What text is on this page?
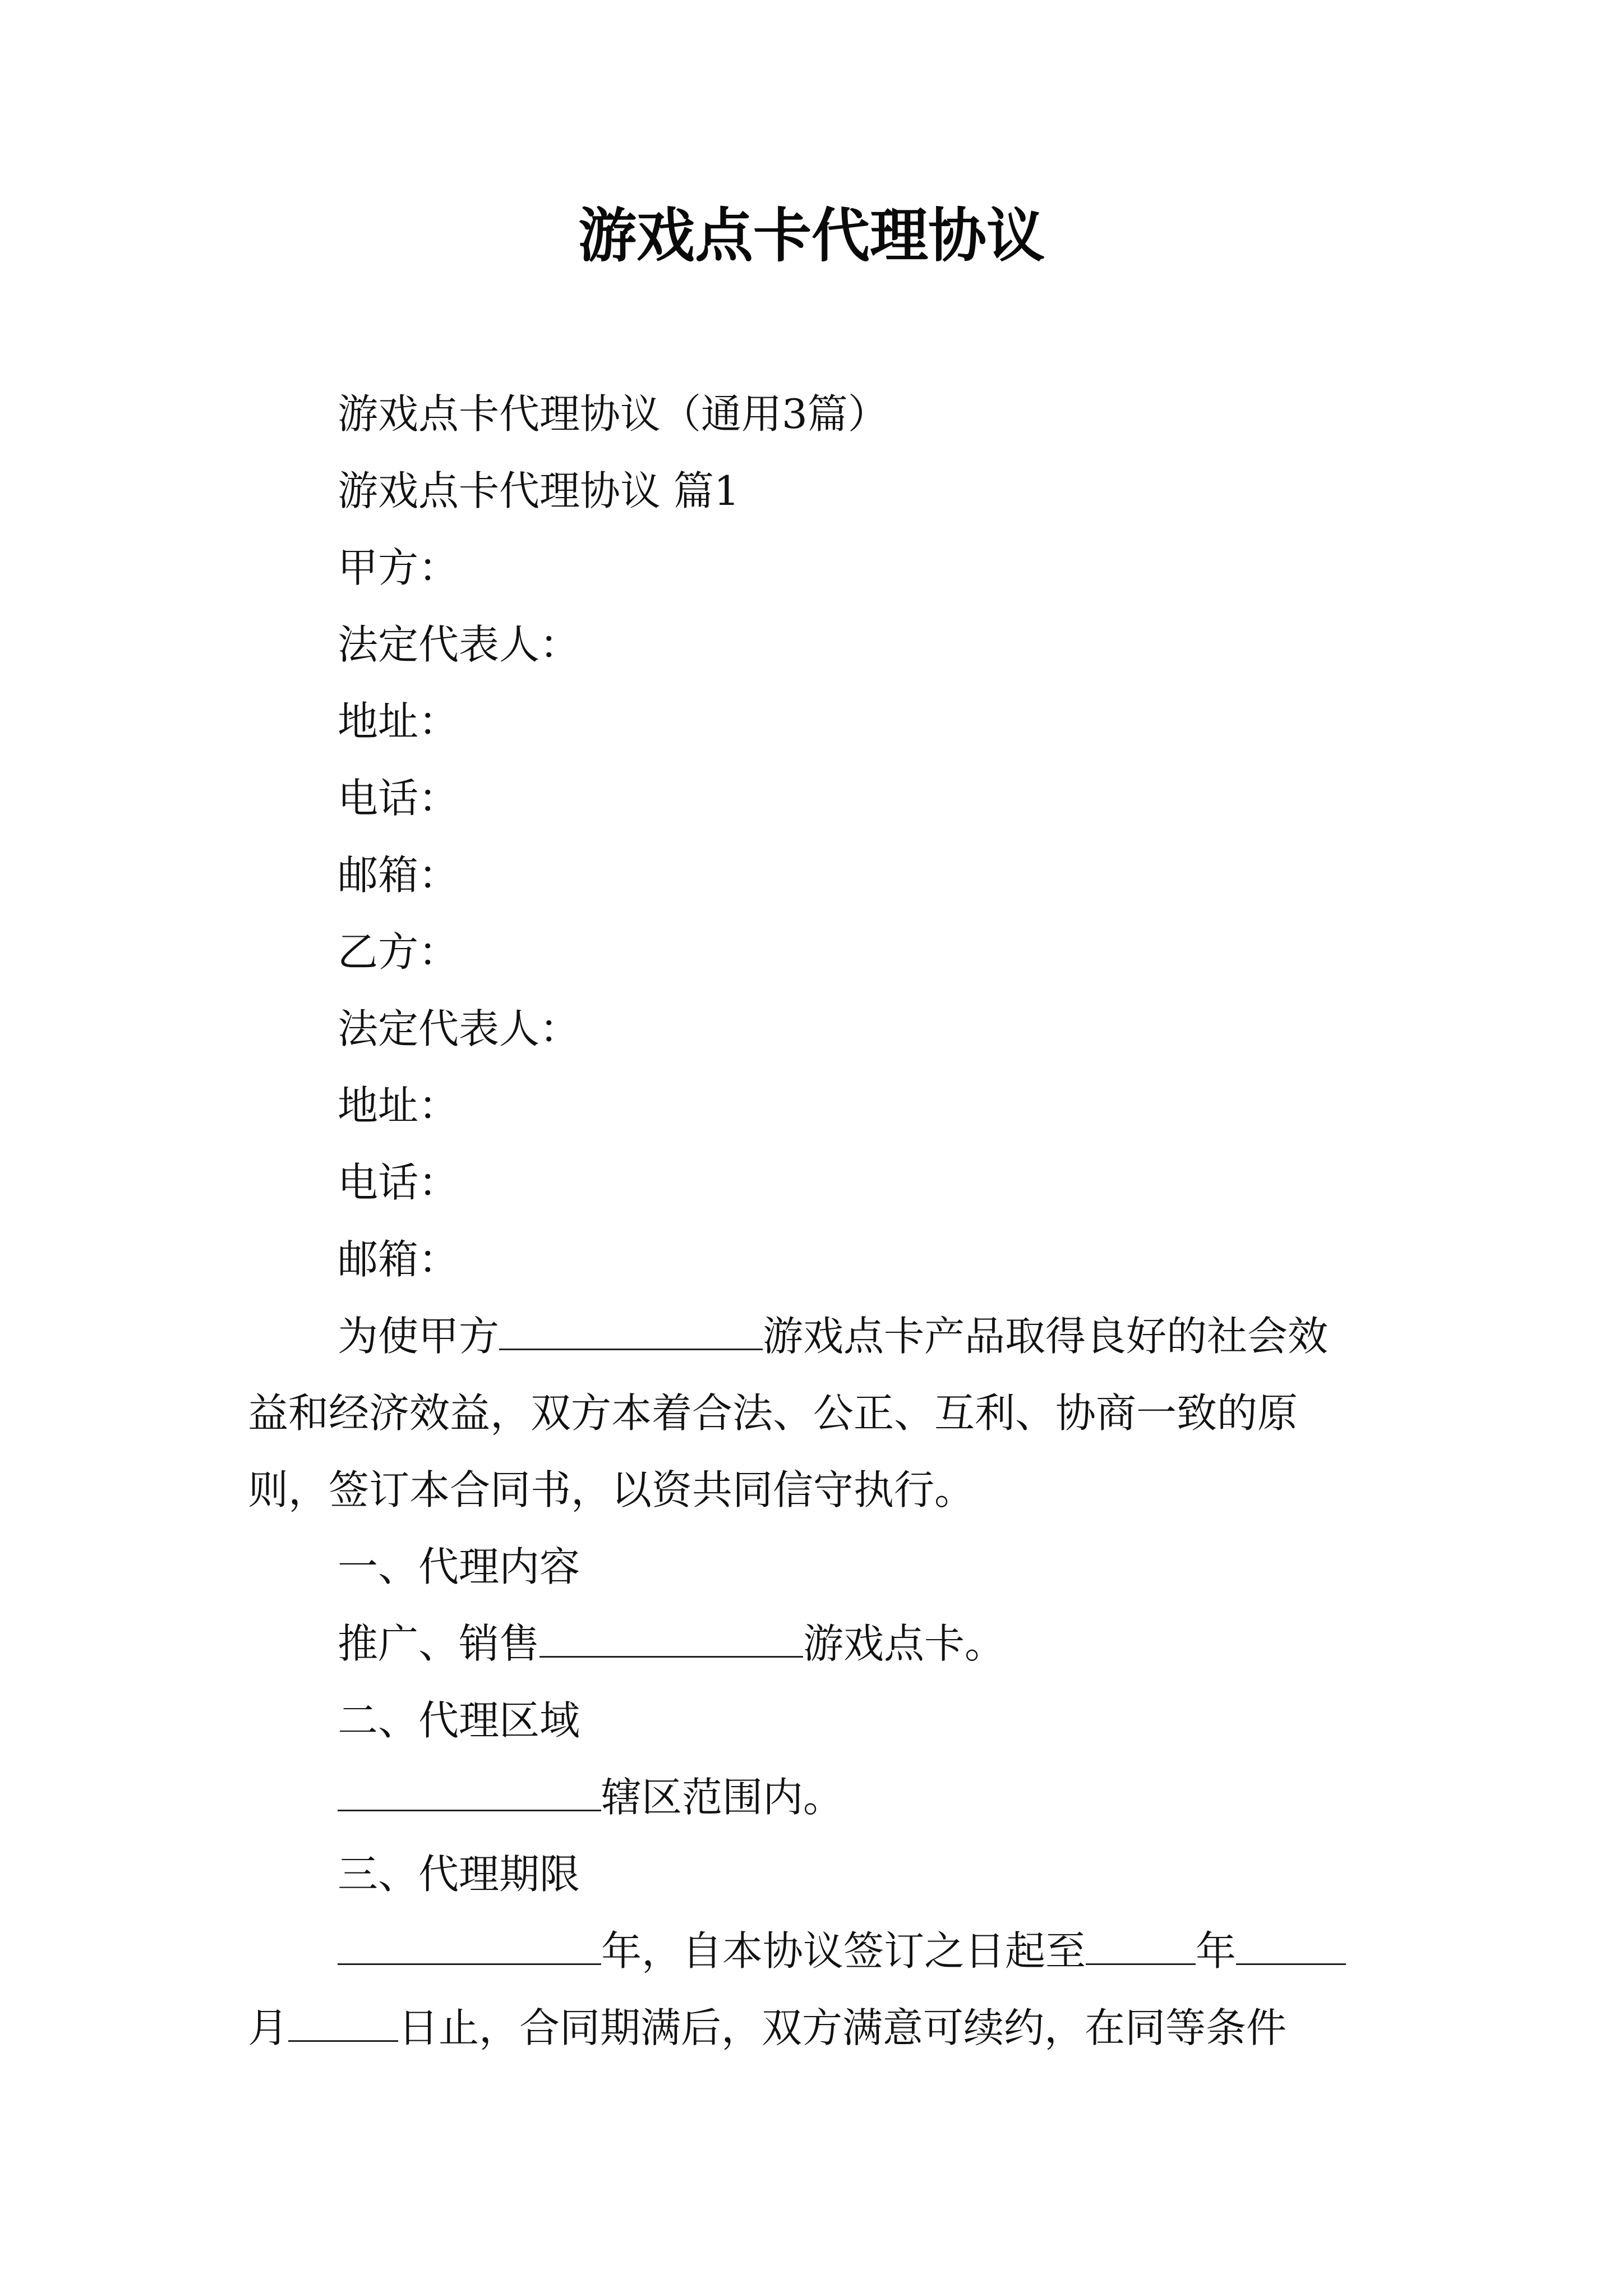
游戏点卡代理协议

游戏点卡代理协议（通用3篇）

游戏点卡代理协议 篇1

甲方：

法定代表人：

地址：

电话：

邮箱：

乙方：

法定代表人：

地址：

电话：

邮箱：

为使甲方	游戏点卡产品取得良好的社会效

益和经济效益，双方本着合法、公正、互利、协商一致的原

则，签订本合同书，以资共同信守执行。

一、代理内容

推广、销售	游戏点卡。

二、代理区域

辖区范围内。

三、代理期限

年，自本协议签订之日起至	年

月	日止，合同期满后，双方满意可续约，在同等条件
